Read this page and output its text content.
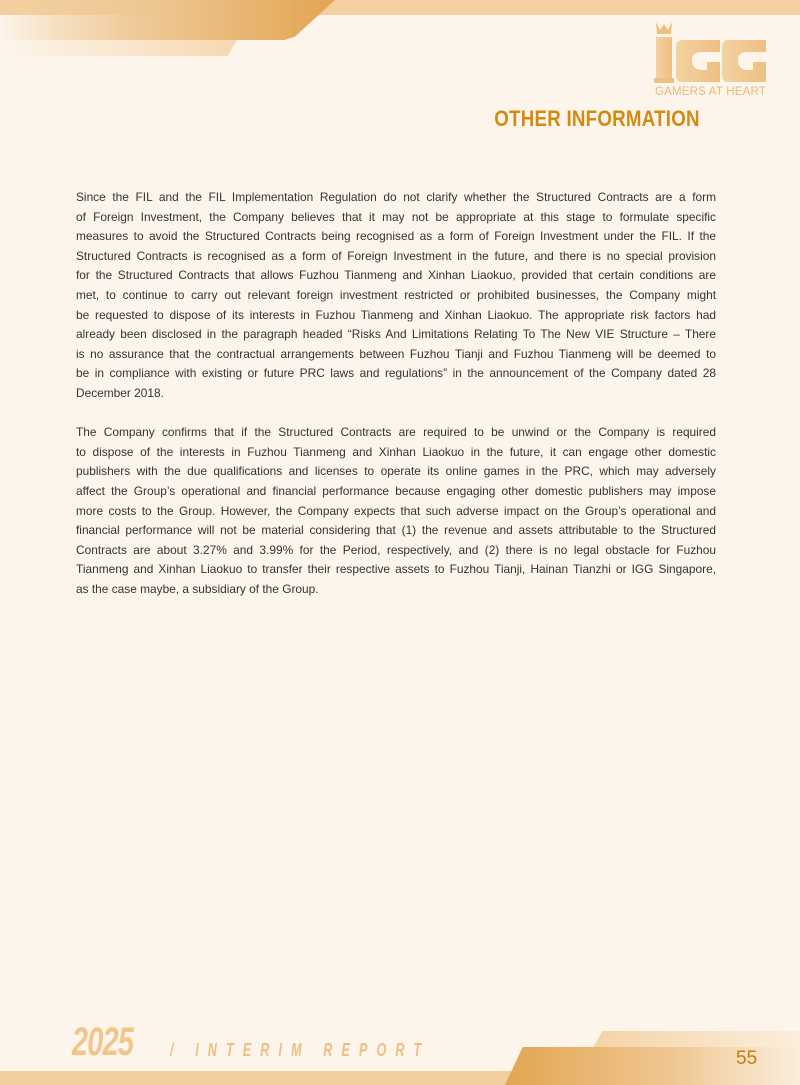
GAMERS AT HEART
OTHER INFORMATION
Since the FIL and the FIL Implementation Regulation do not clarify whether the Structured Contracts are a form
of Foreign Investment, the Company believes that it may not be appropriate at this stage to formulate specific
measures to avoid the Structured Contracts being recognised as a form of Foreign Investment under the FIL. If the
Structured Contracts is recognised as a form of Foreign Investment in the future, and there is no special provision
for the Structured Contracts that allows Fuzhou Tianmeng and Xinhan Liaokuo, provided that certain conditions are
met, to continue to carry out relevant foreign investment restricted or prohibited businesses, the Company might
be requested to dispose of its interests in Fuzhou Tianmeng and Xinhan Liaokuo. The appropriate risk factors had
already been disclosed in the paragraph headed “Risks And Limitations Relating To The New VIE Structure – There
is no assurance that the contractual arrangements between Fuzhou Tianji and Fuzhou Tianmeng will be deemed to
be in compliance with existing or future PRC laws and regulations” in the announcement of the Company dated 28
December 2018.
The Company confirms that if the Structured Contracts are required to be unwind or the Company is required
to dispose of the interests in Fuzhou Tianmeng and Xinhan Liaokuo in the future, it can engage other domestic
publishers with the due qualifications and licenses to operate its online games in the PRC, which may adversely
affect the Group’s operational and financial performance because engaging other domestic publishers may impose
more costs to the Group. However, the Company expects that such adverse impact on the Group’s operational and
financial performance will not be material considering that (1) the revenue and assets attributable to the Structured
Contracts are about 3.27% and 3.99% for the Period, respectively, and (2) there is no legal obstacle for Fuzhou
Tianmeng and Xinhan Liaokuo to transfer their respective assets to Fuzhou Tianji, Hainan Tianzhi or IGG Singapore,
as the case maybe, a subsidiary of the Group.
2025 / INTERIM REPORT	55
